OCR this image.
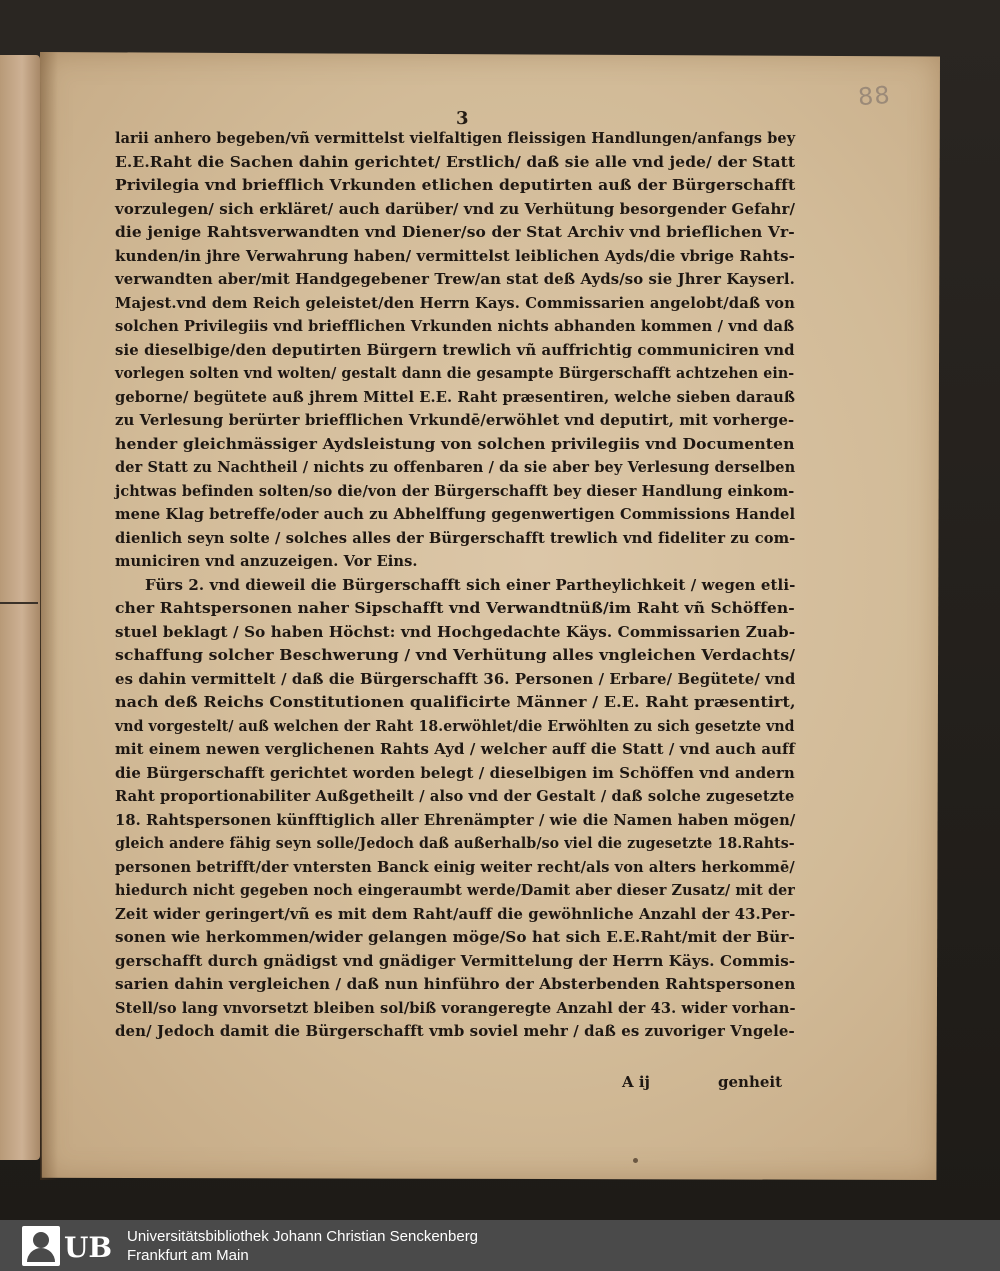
88
3
larii anhero begeben/vñ vermittelst vielfaltigen fleissigen Handlungen/anfangs bey
E.E.Raht die Sachen dahin gerichtet/ Erstlich/ daß sie alle vnd jede/ der Statt
Privilegia vnd briefflich Vrkunden etlichen deputirten auß der Bürgerschafft
vorzulegen/ sich erkläret/ auch darüber/ vnd zu Verhütung besorgender Gefahr/
die jenige Rahtsverwandten vnd Diener/so der Stat Archiv vnd brieflichen Vr-
kunden/in jhre Verwahrung haben/ vermittelst leiblichen Ayds/die vbrige Rahts-
verwandten aber/mit Handgegebener Trew/an stat deß Ayds/so sie Jhrer Kayserl.
Majest.vnd dem Reich geleistet/den Herrn Kays. Commissarien angelobt/daß von
solchen Privilegiis vnd briefflichen Vrkunden nichts abhanden kommen / vnd daß
sie dieselbige/den deputirten Bürgern trewlich vñ auffrichtig communiciren vnd
vorlegen solten vnd wolten/ gestalt dann die gesampte Bürgerschafft achtzehen ein-
geborne/ begütete auß jhrem Mittel E.E. Raht præsentiren, welche sieben darauß
zu Verlesung berürter briefflichen Vrkundē/erwöhlet vnd deputirt, mit vorherge-
hender gleichmässiger Aydsleistung von solchen privilegiis vnd Documenten
der Statt zu Nachtheil / nichts zu offenbaren / da sie aber bey Verlesung derselben
jchtwas befinden solten/so die/von der Bürgerschafft bey dieser Handlung einkom-
mene Klag betreffe/oder auch zu Abhelffung gegenwertigen Commissions Handel
dienlich seyn solte / solches alles der Bürgerschafft trewlich vnd fideliter zu com-
municiren vnd anzuzeigen. Vor Eins.
Fürs 2. vnd dieweil die Bürgerschafft sich einer Partheylichkeit / wegen etli-
cher Rahtspersonen naher Sipschafft vnd Verwandtnüß/im Raht vñ Schöffen-
stuel beklagt / So haben Höchst: vnd Hochgedachte Käys. Commissarien Zuab-
schaffung solcher Beschwerung / vnd Verhütung alles vngleichen Verdachts/
es dahin vermittelt / daß die Bürgerschafft 36. Personen / Erbare/ Begütete/ vnd
nach deß Reichs Constitutionen qualificirte Männer / E.E. Raht præsentirt,
vnd vorgestelt/ auß welchen der Raht 18.erwöhlet/die Erwöhlten zu sich gesetzte vnd
mit einem newen verglichenen Rahts Ayd / welcher auff die Statt / vnd auch auff
die Bürgerschafft gerichtet worden belegt / dieselbigen im Schöffen vnd andern
Raht proportionabiliter Außgetheilt / also vnd der Gestalt / daß solche zugesetzte
18. Rahtspersonen künfftiglich aller Ehrenämpter / wie die Namen haben mögen/
gleich andere fähig seyn solle/Jedoch daß außerhalb/so viel die zugesetzte 18.Rahts-
personen betrifft/der vntersten Banck einig weiter recht/als von alters herkommē/
hiedurch nicht gegeben noch eingeraumbt werde/Damit aber dieser Zusatz/ mit der
Zeit wider geringert/vñ es mit dem Raht/auff die gewöhnliche Anzahl der 43.Per-
sonen wie herkommen/wider gelangen möge/So hat sich E.E.Raht/mit der Bür-
gerschafft durch gnädigst vnd gnädiger Vermittelung der Herrn Käys. Commis-
sarien dahin vergleichen / daß nun hinführo der Absterbenden Rahtspersonen
Stell/so lang vnvorsetzt bleiben sol/biß vorangeregte Anzahl der 43. wider vorhan-
den/ Jedoch damit die Bürgerschafft vmb soviel mehr / daß es zuvoriger Vngele-
A ij	genheit
UB Universitätsbibliothek Johann Christian Senckenberg
Frankfurt am Main
